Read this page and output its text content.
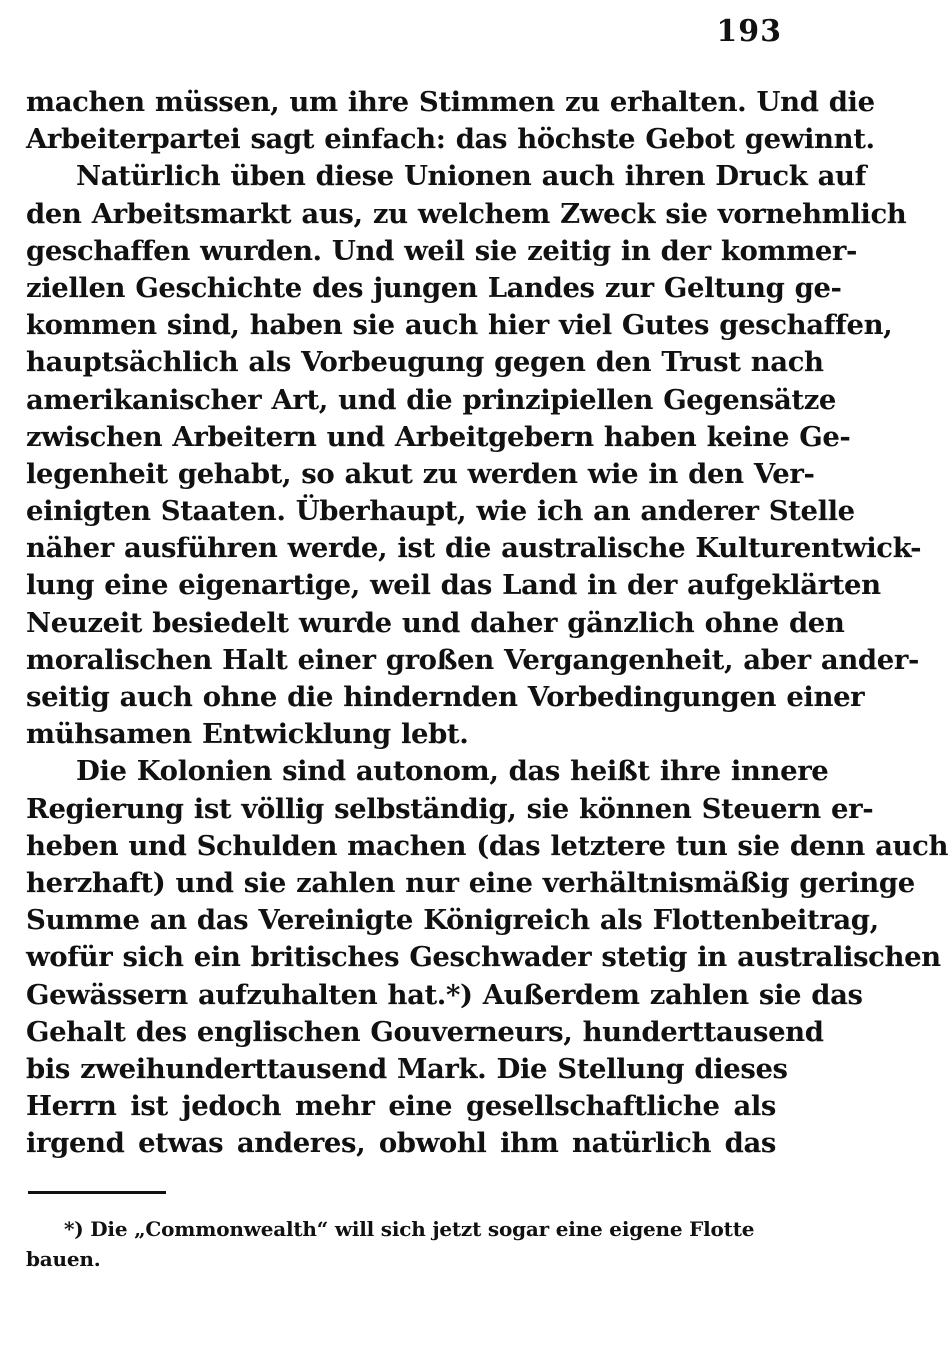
193
machen müssen, um ihre Stimmen zu erhalten. Und die
Arbeiterpartei sagt einfach: das höchste Gebot gewinnt.
Natürlich üben diese Unionen auch ihren Druck auf
den Arbeitsmarkt aus, zu welchem Zweck sie vornehmlich
geschaffen wurden. Und weil sie zeitig in der kommer-
ziellen Geschichte des jungen Landes zur Geltung ge-
kommen sind, haben sie auch hier viel Gutes geschaffen,
hauptsächlich als Vorbeugung gegen den Trust nach
amerikanischer Art, und die prinzipiellen Gegensätze
zwischen Arbeitern und Arbeitgebern haben keine Ge-
legenheit gehabt, so akut zu werden wie in den Ver-
einigten Staaten. Überhaupt, wie ich an anderer Stelle
näher ausführen werde, ist die australische Kulturentwick-
lung eine eigenartige, weil das Land in der aufgeklärten
Neuzeit besiedelt wurde und daher gänzlich ohne den
moralischen Halt einer großen Vergangenheit, aber ander-
seitig auch ohne die hindernden Vorbedingungen einer
mühsamen Entwicklung lebt.
Die Kolonien sind autonom, das heißt ihre innere
Regierung ist völlig selbständig, sie können Steuern er-
heben und Schulden machen (das letztere tun sie denn auch
herzhaft) und sie zahlen nur eine verhältnismäßig geringe
Summe an das Vereinigte Königreich als Flottenbeitrag,
wofür sich ein britisches Geschwader stetig in australischen
Gewässern aufzuhalten hat.*) Außerdem zahlen sie das
Gehalt des englischen Gouverneurs, hunderttausend
bis zweihunderttausend Mark. Die Stellung dieses
Herrn ist jedoch mehr eine gesellschaftliche als
irgend etwas anderes, obwohl ihm natürlich das
*) Die „Commonwealth“ will sich jetzt sogar eine eigene Flotte
bauen.
